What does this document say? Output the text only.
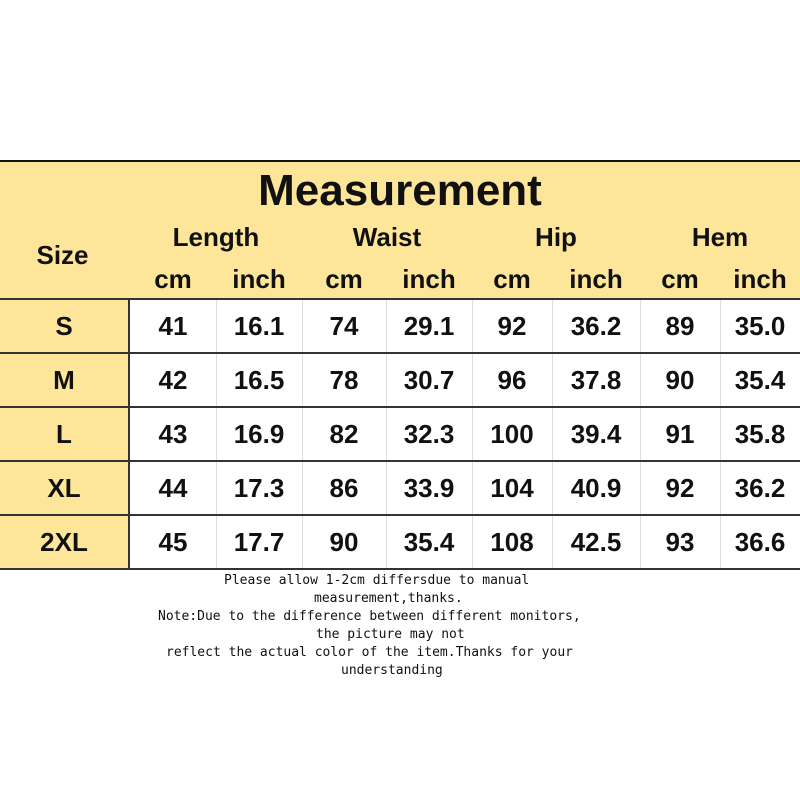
Measurement
Size
Length	Waist	Hip	Hem
cm	inch	cm	inch	cm	inch	cm	inch
S	41	16.1	74	29.1	92	36.2	89	35.0
M	42	16.5	78	30.7	96	37.8	90	35.4
L	43	16.9	82	32.3	100	39.4	91	35.8
XL	44	17.3	86	33.9	104	40.9	92	36.2
2XL	45	17.7	90	35.4	108	42.5	93	36.6
Please allow 1-2cm differsdue to manual
measurement,thanks.
Note:Due to the difference between different monitors,
the picture may not
reflect the actual color of the item.Thanks for your
understanding
